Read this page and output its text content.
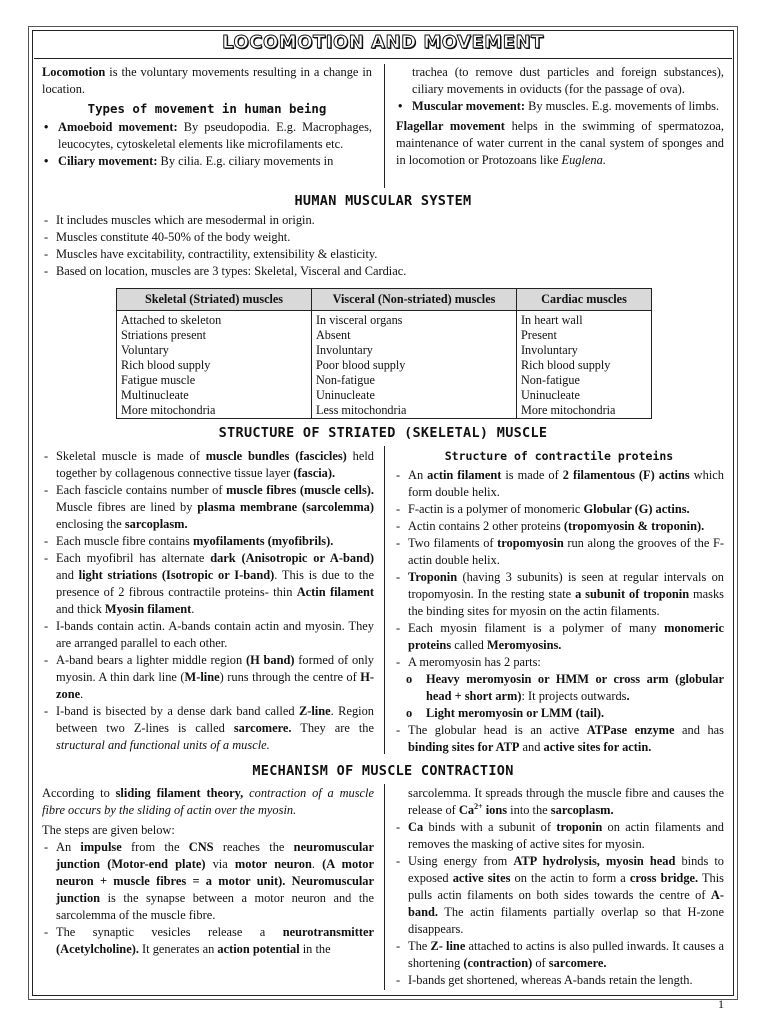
LOCOMOTION AND MOVEMENT

Locomotion is the voluntary movements resulting in a change in location.

Types of movement in human being
• Amoeboid movement: By pseudopodia. E.g. Macrophages, leucocytes, cytoskeletal elements like microfilaments etc.
• Ciliary movement: By cilia. E.g. ciliary movements in

trachea (to remove dust particles and foreign substances), ciliary movements in oviducts (for the passage of ova).

• Muscular movement: By muscles. E.g. movements of limbs.

Flagellar movement helps in the swimming of spermatozoa, maintenance of water current in the canal system of sponges and in locomotion or Protozoans like Euglena.

HUMAN MUSCULAR SYSTEM
- It includes muscles which are mesodermal in origin.
- Muscles constitute 40-50% of the body weight.
- Muscles have excitability, contractility, extensibility & elasticity.
- Based on location, muscles are 3 types: Skeletal, Visceral and Cardiac.
Skeletal (Striated) muscles	Visceral (Non-striated) muscles	Cardiac muscles
Attached to skeleton	In visceral organs	In heart wall
Striations present	Absent	Present
Voluntary	Involuntary	Involuntary
Rich blood supply	Poor blood supply	Rich blood supply
Fatigue muscle	Non-fatigue	Non-fatigue
Multinucleate	Uninucleate	Uninucleate
More mitochondria	Less mitochondria	More mitochondria
STRUCTURE OF STRIATED (SKELETAL) MUSCLE
- Skeletal muscle is made of muscle bundles (fascicles) held together by collagenous connective tissue layer (fascia).
- Each fascicle contains number of muscle fibres (muscle cells). Muscle fibres are lined by plasma membrane (sarcolemma) enclosing the sarcoplasm.
- Each muscle fibre contains myofilaments (myofibrils).
- Each myofibril has alternate dark (Anisotropic or A-band) and light striations (Isotropic or I-band). This is due to the presence of 2 fibrous contractile proteins- thin Actin filament and thick Myosin filament.
- I-bands contain actin. A-bands contain actin and myosin. They are arranged parallel to each other.
- A-band bears a lighter middle region (H band) formed of only myosin. A thin dark line (M-line) runs through the centre of H-zone.
- I-band is bisected by a dense dark band called Z-line. Region between two Z-lines is called sarcomere. They are the structural and functional units of a muscle.
Structure of contractile proteins
- An actin filament is made of 2 filamentous (F) actins which form double helix.
- F-actin is a polymer of monomeric Globular (G) actins.
- Actin contains 2 other proteins (tropomyosin & troponin).
- Two filaments of tropomyosin run along the grooves of the F-actin double helix.
- Troponin (having 3 subunits) is seen at regular intervals on tropomyosin. In the resting state a subunit of troponin masks the binding sites for myosin on the actin filaments.
- Each myosin filament is a polymer of many monomeric proteins called Meromyosins.
- A meromyosin has 2 parts:
o Heavy meromyosin or HMM or cross arm (globular head + short arm): It projects outwards.
o Light meromyosin or LMM (tail).
- The globular head is an active ATPase enzyme and has binding sites for ATP and active sites for actin.
MECHANISM OF MUSCLE CONTRACTION

According to sliding filament theory, contraction of a muscle fibre occurs by the sliding of actin over the myosin.

The steps are given below:

- An impulse from the CNS reaches the neuromuscular junction (Motor-end plate) via motor neuron. (A motor neuron + muscle fibres = a motor unit). Neuromuscular junction is the synapse between a motor neuron and the sarcolemma of the muscle fibre.
- The synaptic vesicles release a neurotransmitter (Acetylcholine). It generates an action potential in the

sarcolemma. It spreads through the muscle fibre and causes the release of $Ca^{2+}$ ions into the sarcoplasm.

- Ca binds with a subunit of troponin on actin filaments and removes the masking of active sites for myosin.
- Using energy from ATP hydrolysis, myosin head binds to exposed active sites on the actin to form a cross bridge. This pulls actin filaments on both sides towards the centre of A-band. The actin filaments partially overlap so that H-zone disappears.
- The Z- line attached to actins is also pulled inwards. It causes a shortening (contraction) of sarcomere.
- I-bands get shortened, whereas A-bands retain the length.
1
